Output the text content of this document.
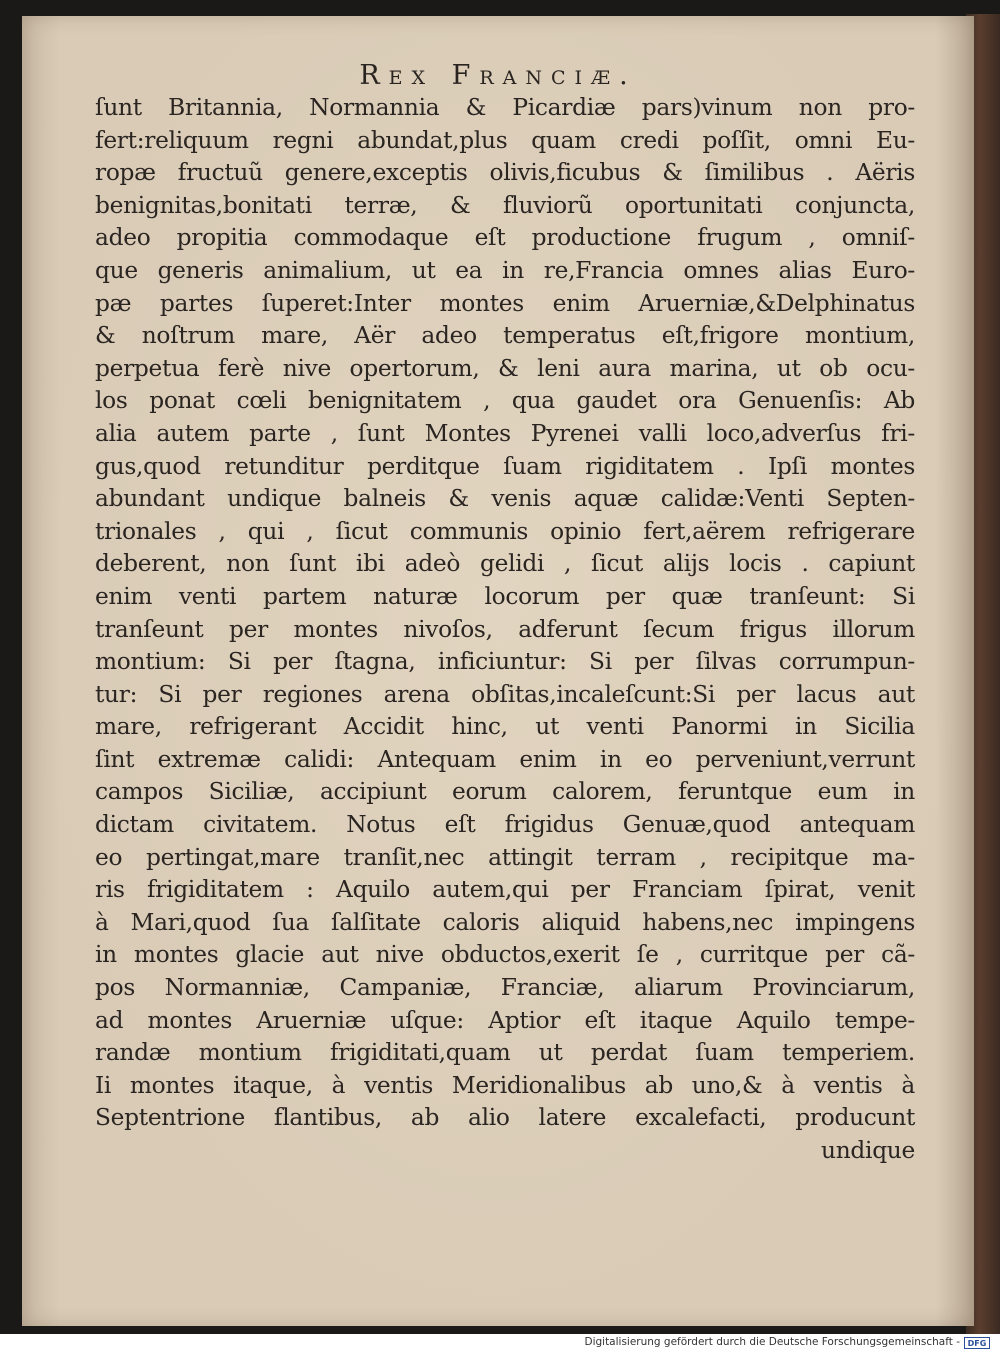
Rex Franciæ.
ſunt Britannia, Normannia & Picardiæ pars)vinum non pro-
fert:reliquum regni abundat,plus quam credi poſſit, omni Eu-
ropæ fructuũ genere,exceptis olivis,ficubus & ſimilibus . Aëris
benignitas,bonitati terræ, & fluviorũ oportunitati conjuncta,
adeo propitia commodaque eſt productione frugum , omniſ-
que generis animalium, ut ea in re,Francia omnes alias Euro-
pæ partes ſuperet:Inter montes enim Aruerniæ,&Delphinatus
& noſtrum mare, Aër adeo temperatus eſt,frigore montium,
perpetua ferè nive opertorum, & leni aura marina, ut ob ocu-
los ponat cœli benignitatem , qua gaudet ora Genuenſis: Ab
alia autem parte , ſunt Montes Pyrenei valli loco,adverſus fri-
gus,quod retunditur perditque ſuam rigiditatem . Ipſi montes
abundant undique balneis & venis aquæ calidæ:Venti Septen-
trionales , qui , ſicut communis opinio fert,aërem refrigerare
deberent, non ſunt ibi adeò gelidi , ſicut alijs locis . capiunt
enim venti partem naturæ locorum per quæ tranſeunt: Si
tranſeunt per montes nivoſos, adferunt ſecum frigus illorum
montium: Si per ſtagna, inficiuntur: Si per ſilvas corrumpun-
tur: Si per regiones arena obſitas,incaleſcunt:Si per lacus aut
mare, refrigerant Accidit hinc, ut venti Panormi in Sicilia
ſint extremæ calidi: Antequam enim in eo perveniunt,verrunt
campos Siciliæ, accipiunt eorum calorem, feruntque eum in
dictam civitatem. Notus eſt frigidus Genuæ,quod antequam
eo pertingat,mare tranſit,nec attingit terram , recipitque ma-
ris frigiditatem : Aquilo autem,qui per Franciam ſpirat, venit
à Mari,quod ſua ſalſitate caloris aliquid habens,nec impingens
in montes glacie aut nive obductos,exerit ſe , curritque per cã-
pos Normanniæ, Campaniæ, Franciæ, aliarum Provinciarum,
ad montes Aruerniæ uſque: Aptior eſt itaque Aquilo tempe-
randæ montium frigiditati,quam ut perdat ſuam temperiem.
Ii montes itaque, à ventis Meridionalibus ab uno,& à ventis à
Septentrione flantibus, ab alio latere excalefacti, producunt
undique
Digitalisierung gefördert durch die Deutsche Forschungsgemeinschaft - DFG
